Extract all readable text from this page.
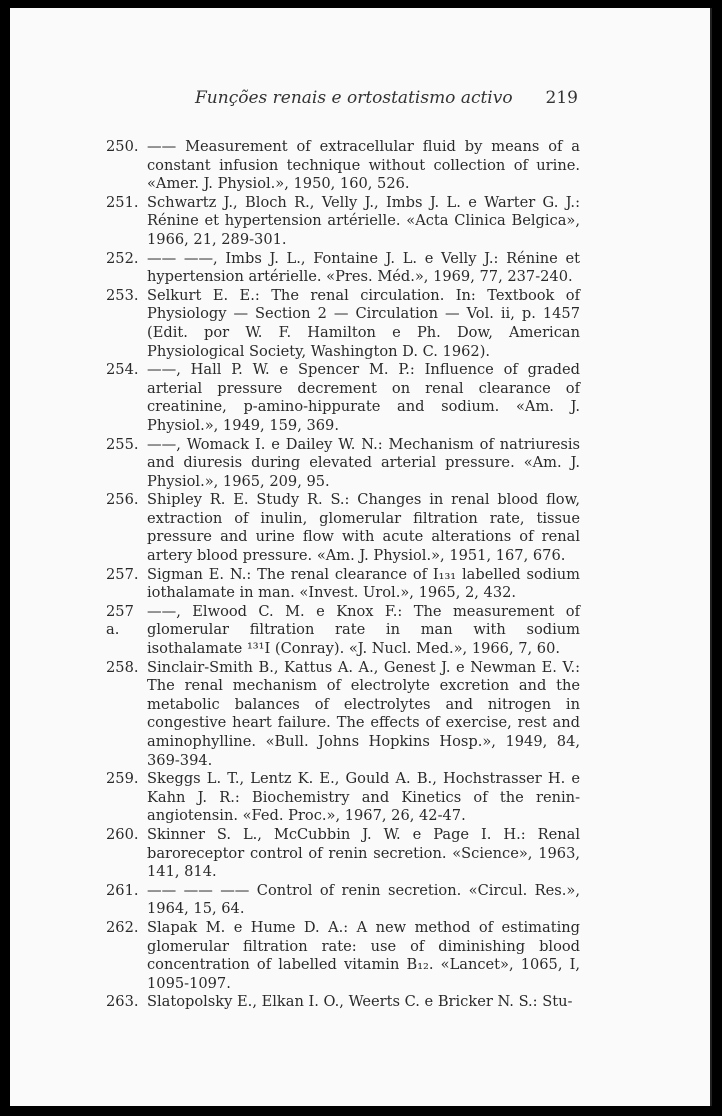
Funções renais e ortostatismo activo 219
250. —— Measurement of extracellular fluid by means of a constant infusion technique without collection of urine. «Amer. J. Physiol.», 1950, 160, 526.
251. Schwartz J., Bloch R., Velly J., Imbs J. L. e Warter G. J.: Rénine et hypertension artérielle. «Acta Clinica Belgica», 1966, 21, 289-301.
252. —— ——, Imbs J. L., Fontaine J. L. e Velly J.: Rénine et hypertension artérielle. «Pres. Méd.», 1969, 77, 237-240.
253. Selkurt E. E.: The renal circulation. In: Textbook of Physiology — Section 2 — Circulation — Vol. ii, p. 1457 (Edit. por W. F. Hamilton e Ph. Dow, American Physiological Society, Washington D. C. 1962).
254. ——, Hall P. W. e Spencer M. P.: Influence of graded arterial pressure decrement on renal clearance of creatinine, p-amino-hippurate and sodium. «Am. J. Physiol.», 1949, 159, 369.
255. ——, Womack I. e Dailey W. N.: Mechanism of natriuresis and diuresis during elevated arterial pressure. «Am. J. Physiol.», 1965, 209, 95.
256. Shipley R. E. Study R. S.: Changes in renal blood flow, extraction of inulin, glomerular filtration rate, tissue pressure and urine flow with acute alterations of renal artery blood pressure. «Am. J. Physiol.», 1951, 167, 676.
257. Sigman E. N.: The renal clearance of I₁₃₁ labelled sodium iothalamate in man. «Invest. Urol.», 1965, 2, 432.
257 a.
——, Elwood C. M. e Knox F.: The measurement of glomerular filtration rate in man with sodium isothalamate ¹³¹I (Conray). «J. Nucl. Med.», 1966, 7, 60.
258. Sinclair-Smith B., Kattus A. A., Genest J. e Newman E. V.: The renal mechanism of electrolyte excretion and the metabolic balances of electrolytes and nitrogen in congestive heart failure. The effects of exercise, rest and aminophylline. «Bull. Johns Hopkins Hosp.», 1949, 84, 369-394.
259. Skeggs L. T., Lentz K. E., Gould A. B., Hochstrasser H. e Kahn J. R.: Biochemistry and Kinetics of the renin-angiotensin. «Fed. Proc.», 1967, 26, 42-47.
260. Skinner S. L., McCubbin J. W. e Page I. H.: Renal baroreceptor control of renin secretion. «Science», 1963, 141, 814.
261. —— —— —— Control of renin secretion. «Circul. Res.», 1964, 15, 64.
262. Slapak M. e Hume D. A.: A new method of estimating glomerular filtration rate: use of diminishing blood concentration of labelled vitamin B₁₂. «Lancet», 1065, I, 1095-1097.
263. Slatopolsky E., Elkan I. O., Weerts C. e Bricker N. S.: Stu-
